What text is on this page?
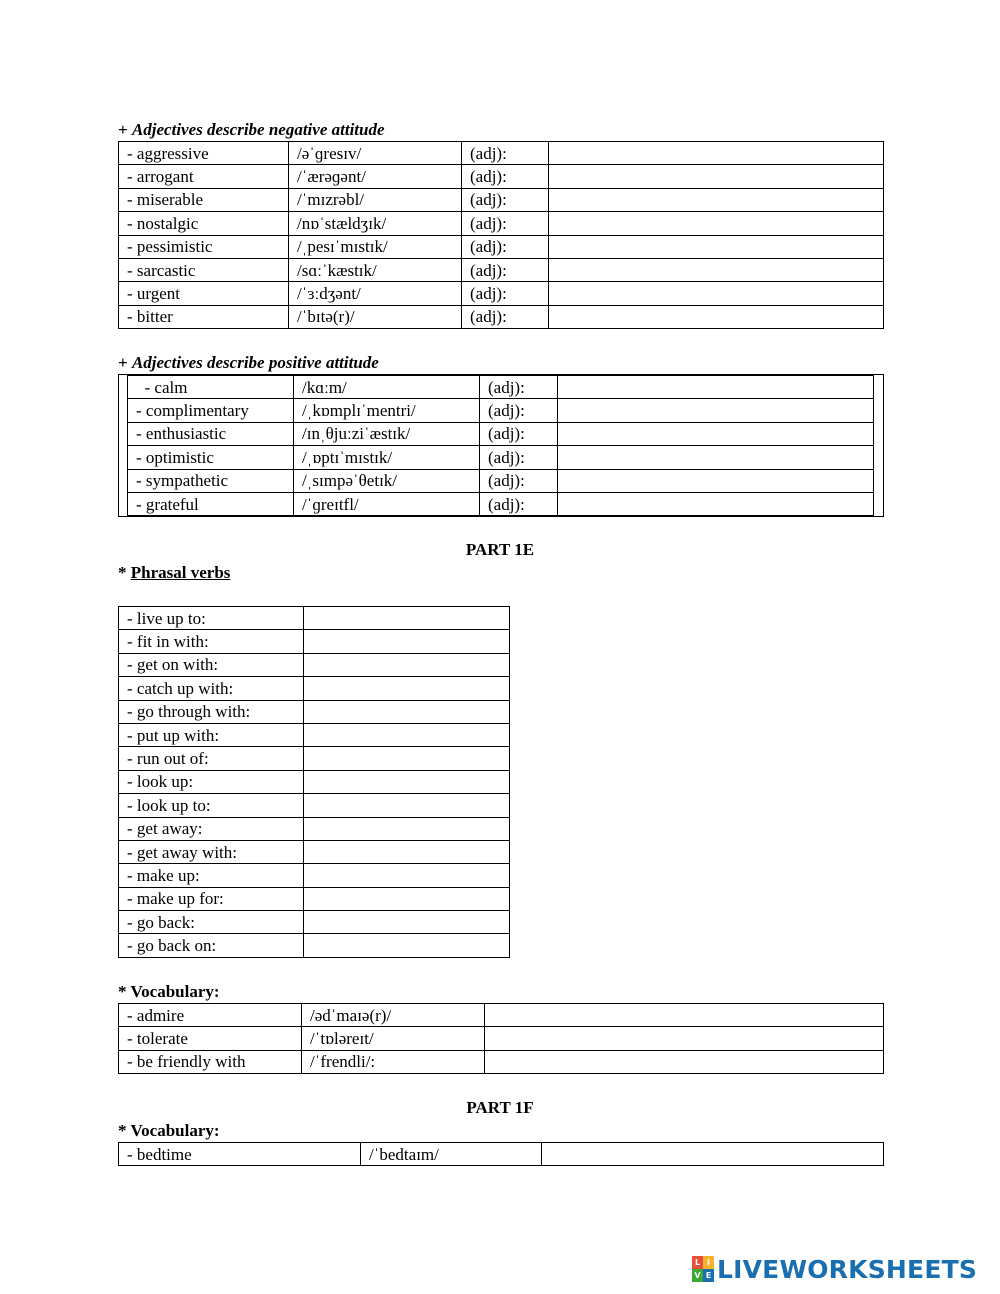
+ Adjectives describe negative attitude
- aggressive	/əˈɡresɪv/	(adj):	
- arrogant	/ˈærəɡənt/	(adj):	
- miserable	/ˈmɪzrəbl/	(adj):	
- nostalgic	/nɒˈstældʒɪk/	(adj):	
- pessimistic	/ˌpesɪˈmɪstɪk/	(adj):	
- sarcastic	/sɑːˈkæstɪk/	(adj):	
- urgent	/ˈɜːdʒənt/	(adj):	
- bitter	/ˈbɪtə(r)/	(adj):	
+ Adjectives describe positive attitude
- calm	/kɑːm/	(adj):	
- complimentary	/ˌkɒmplɪˈmentri/	(adj):	
- enthusiastic	/ɪnˌθjuːziˈæstɪk/	(adj):	
- optimistic	/ˌɒptɪˈmɪstɪk/	(adj):	
- sympathetic	/ˌsɪmpəˈθetɪk/	(adj):	
- grateful	/ˈɡreɪtfl/	(adj):	
PART 1E
* Phrasal verbs
- live up to:	
- fit in with:	
- get on with:	
- catch up with:	
- go through with:	
- put up with:	
- run out of:	
- look up:	
- look up to:	
- get away:	
- get away with:	
- make up:	
- make up for:	
- go back:	
- go back on:	
* Vocabulary:
- admire	/ədˈmaɪə(r)/	
- tolerate	/ˈtɒləreɪt/	
- be friendly with	/ˈfrendli/:	
PART 1F
* Vocabulary:
- bedtime	/ˈbedtaɪm/	
L I
V E LIVEWORKSHEETS
